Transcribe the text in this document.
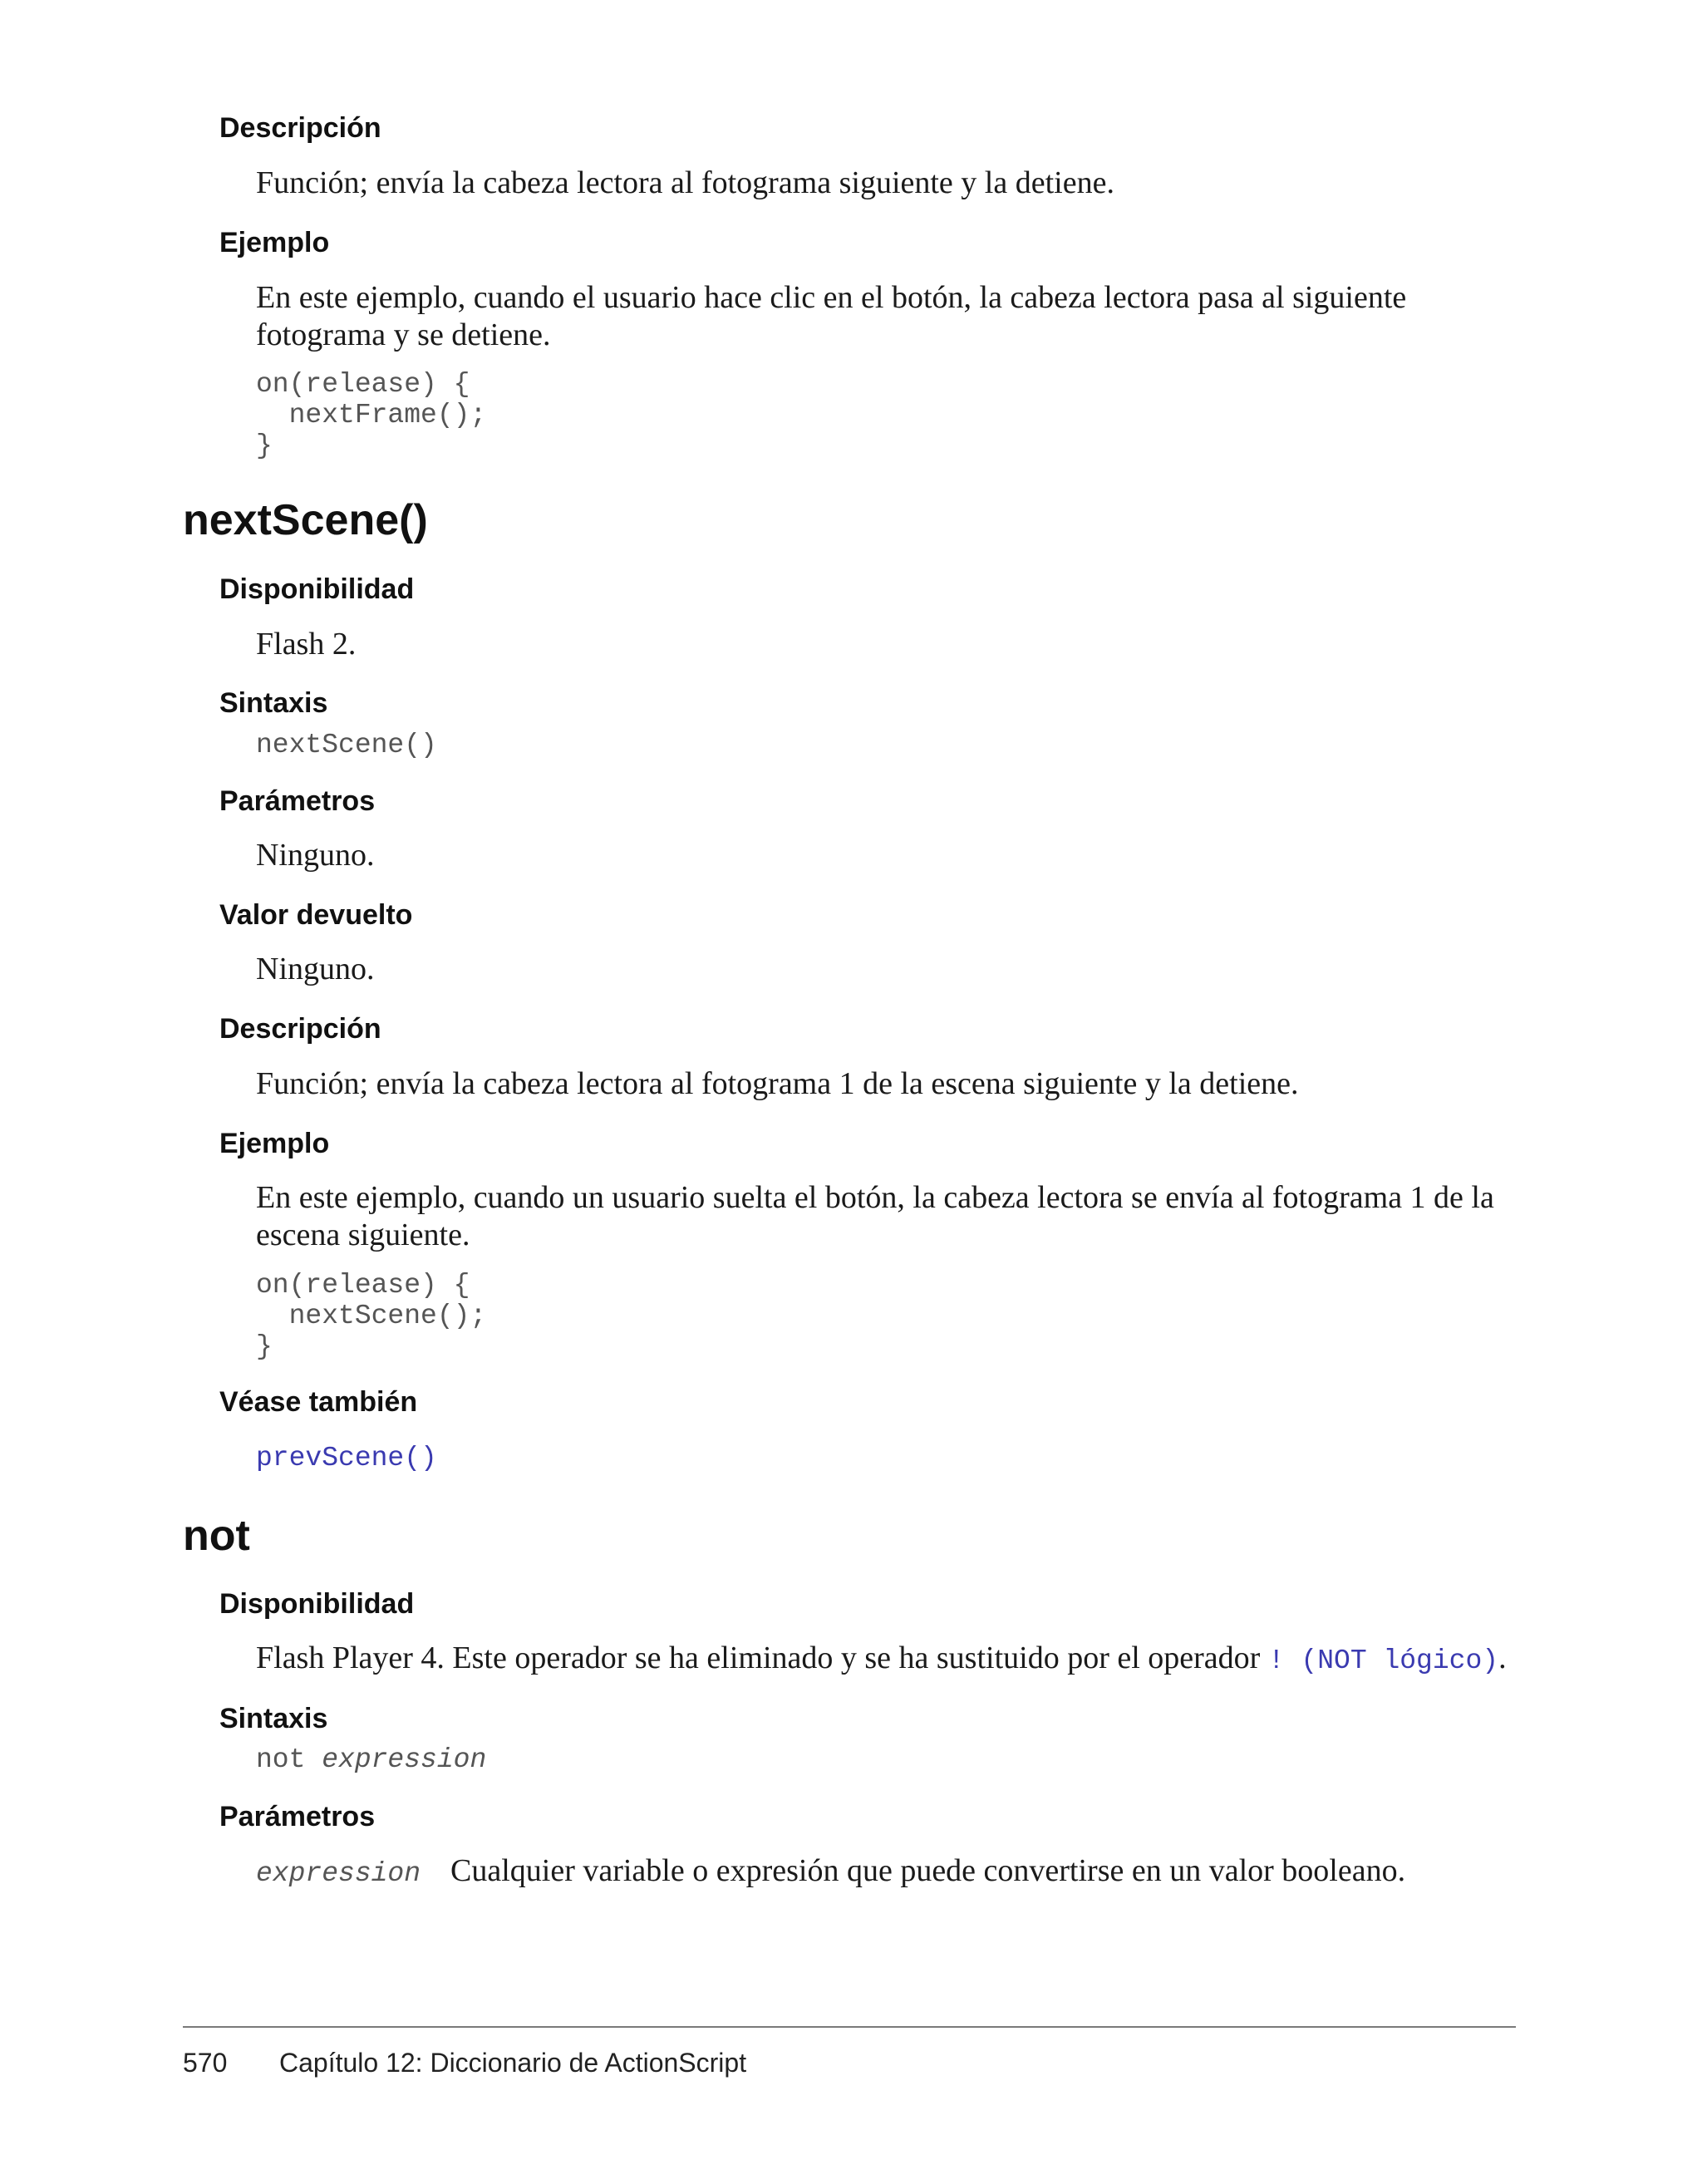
Descripción

Función; envía la cabeza lectora al fotograma siguiente y la detiene.

Ejemplo

En este ejemplo, cuando el usuario hace clic en el botón, la cabeza lectora pasa al siguiente fotograma y se detiene.

on(release) {
nextFrame();
}
nextScene()
Disponibilidad

Flash 2.

Sintaxis
nextScene()
Parámetros

Ninguno.

Valor devuelto

Ninguno.

Descripción

Función; envía la cabeza lectora al fotograma 1 de la escena siguiente y la detiene.

Ejemplo

En este ejemplo, cuando un usuario suelta el botón, la cabeza lectora se envía al fotograma 1 de la escena siguiente.

on(release) {
nextScene();
}
Véase también
prevScene()
not
Disponibilidad

Flash Player 4. Este operador se ha eliminado y se ha sustituido por el operador ! (NOT lógico).

Sintaxis
not expression
Parámetros
expression Cualquier variable o expresión que puede convertirse en un valor booleano.

570 Capítulo 12: Diccionario de ActionScript
